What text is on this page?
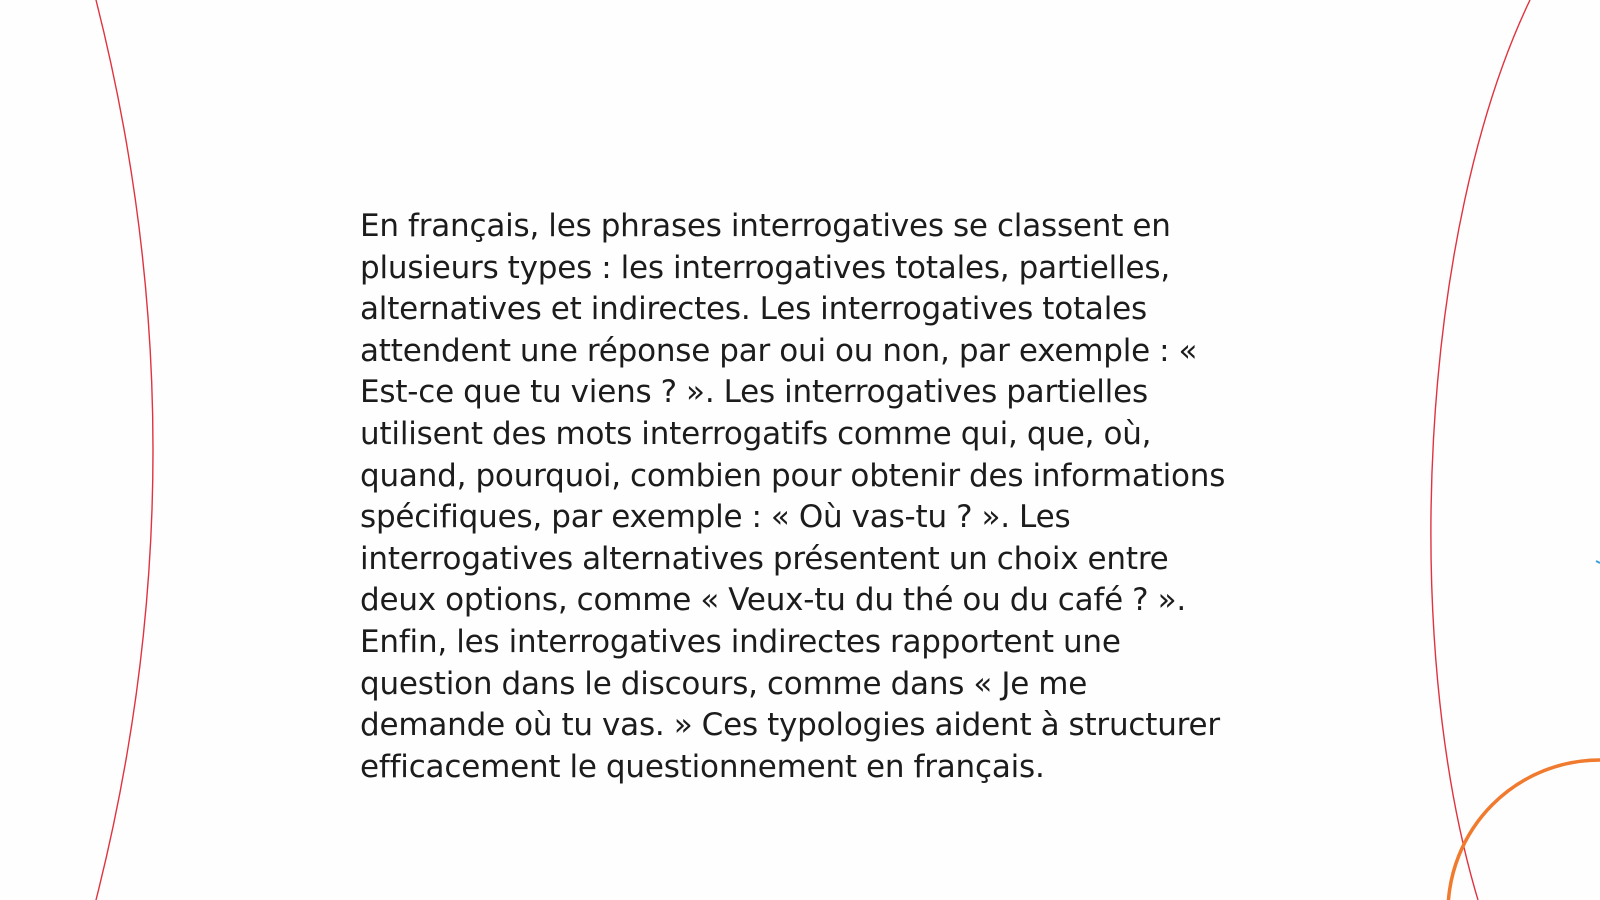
En français, les phrases interrogatives se classent en plusieurs types : les interrogatives totales, partielles, alternatives et indirectes. Les interrogatives totales attendent une réponse par oui ou non, par exemple : « Est-ce que tu viens ? ». Les interrogatives partielles utilisent des mots interrogatifs comme qui, que, où, quand, pourquoi, combien pour obtenir des informations spécifiques, par exemple : « Où vas-tu ? ». Les interrogatives alternatives présentent un choix entre deux options, comme « Veux-tu du thé ou du café ? ». Enfin, les interrogatives indirectes rapportent une question dans le discours, comme dans « Je me demande où tu vas. » Ces typologies aident à structurer efficacement le questionnement en français.
